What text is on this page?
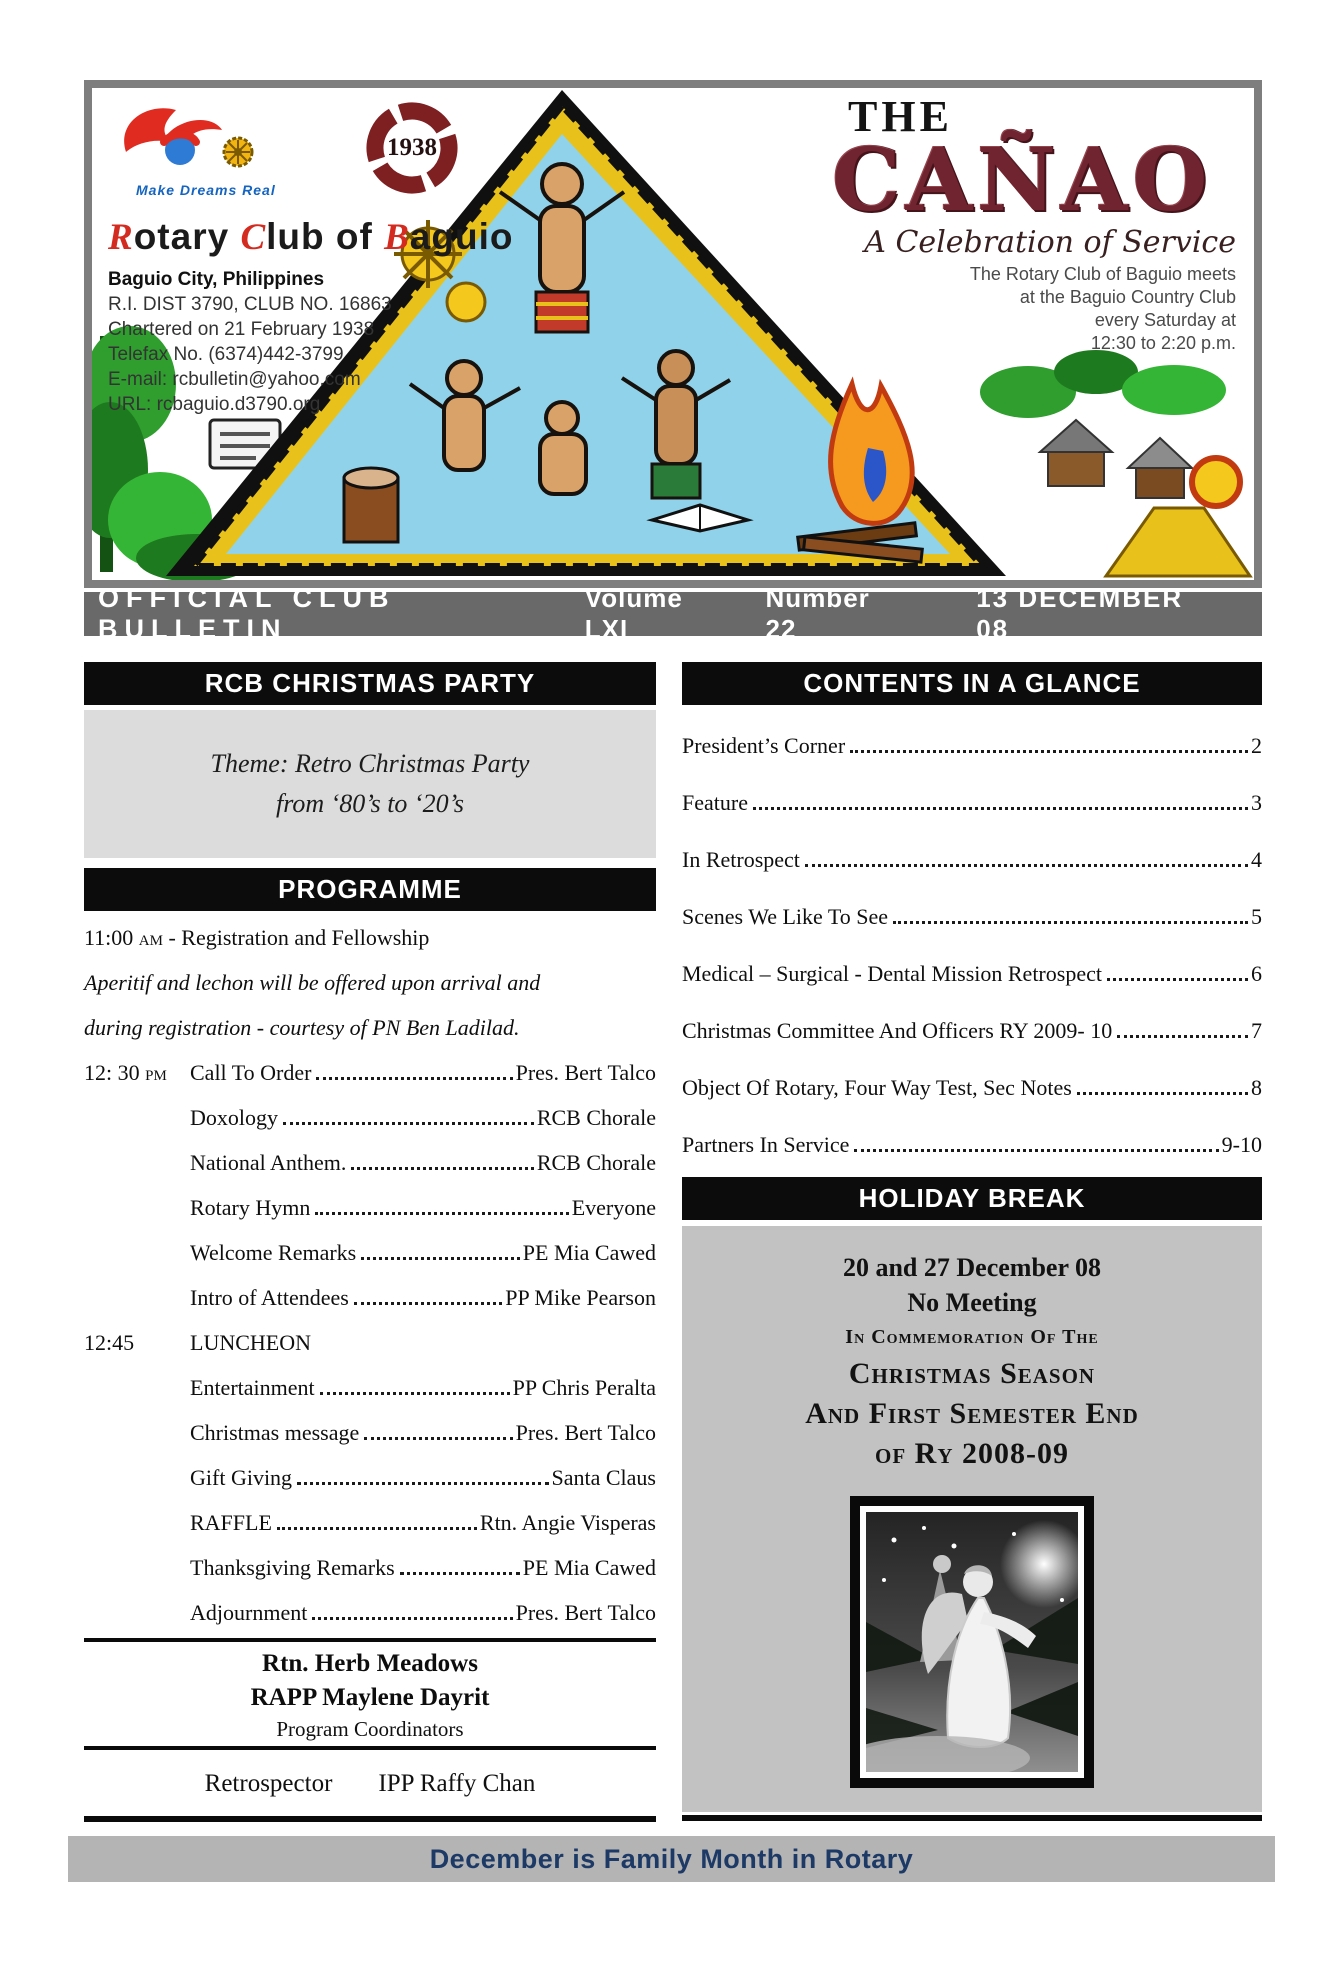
Make Dreams Real
1938
Rotary Club of Baguio
Baguio City, Philippines
R.I. DIST 3790, CLUB NO. 16863
Chartered on 21 February 1938
Telefax No. (6374)442-3799
E-mail: rcbulletin@yahoo.com
URL: rcbaguio.d3790.org
THE
CAÑAO
A Celebration of Service
The Rotary Club of Baguio meets
at the Baguio Country Club
every Saturday at
12:30 to 2:20 p.m.
OFFICIAL CLUB BULLETIN
Volume LXI
Number 22
13 DECEMBER 08
RCB CHRISTMAS PARTY
Theme: Retro Christmas Party
from ‘80’s to ‘20’s
PROGRAMME
11:00 am - Registration and Fellowship
Aperitif and lechon will be offered upon arrival and
during registration - courtesy of PN Ben Ladilad.
12: 30 pm	Call To Order	Pres. Bert Talco
Doxology	RCB Chorale
National Anthem.	RCB Chorale
Rotary Hymn	Everyone
Welcome Remarks	PE Mia Cawed
Intro of Attendees	PP Mike Pearson
12:45	LUNCHEON
Entertainment	PP Chris Peralta
Christmas message	Pres. Bert Talco
Gift Giving	Santa Claus
RAFFLE	Rtn. Angie Visperas
Thanksgiving Remarks	PE Mia Cawed
Adjournment	Pres. Bert Talco
Rtn. Herb Meadows
RAPP Maylene Dayrit
Program Coordinators
Retrospector IPP Raffy Chan
CONTENTS IN A GLANCE
President’s Corner	2
Feature	3
In Retrospect	4
Scenes We Like To See	5
Medical – Surgical - Dental Mission Retrospect	6
Christmas Committee And Officers RY 2009- 10	7
Object Of Rotary, Four Way Test, Sec Notes	8
Partners In Service	9-10
HOLIDAY BREAK
20 and 27 December 08
No Meeting
In Commemoration Of The
Christmas Season
And First Semester End
of Ry 2008-09
December is Family Month in Rotary
